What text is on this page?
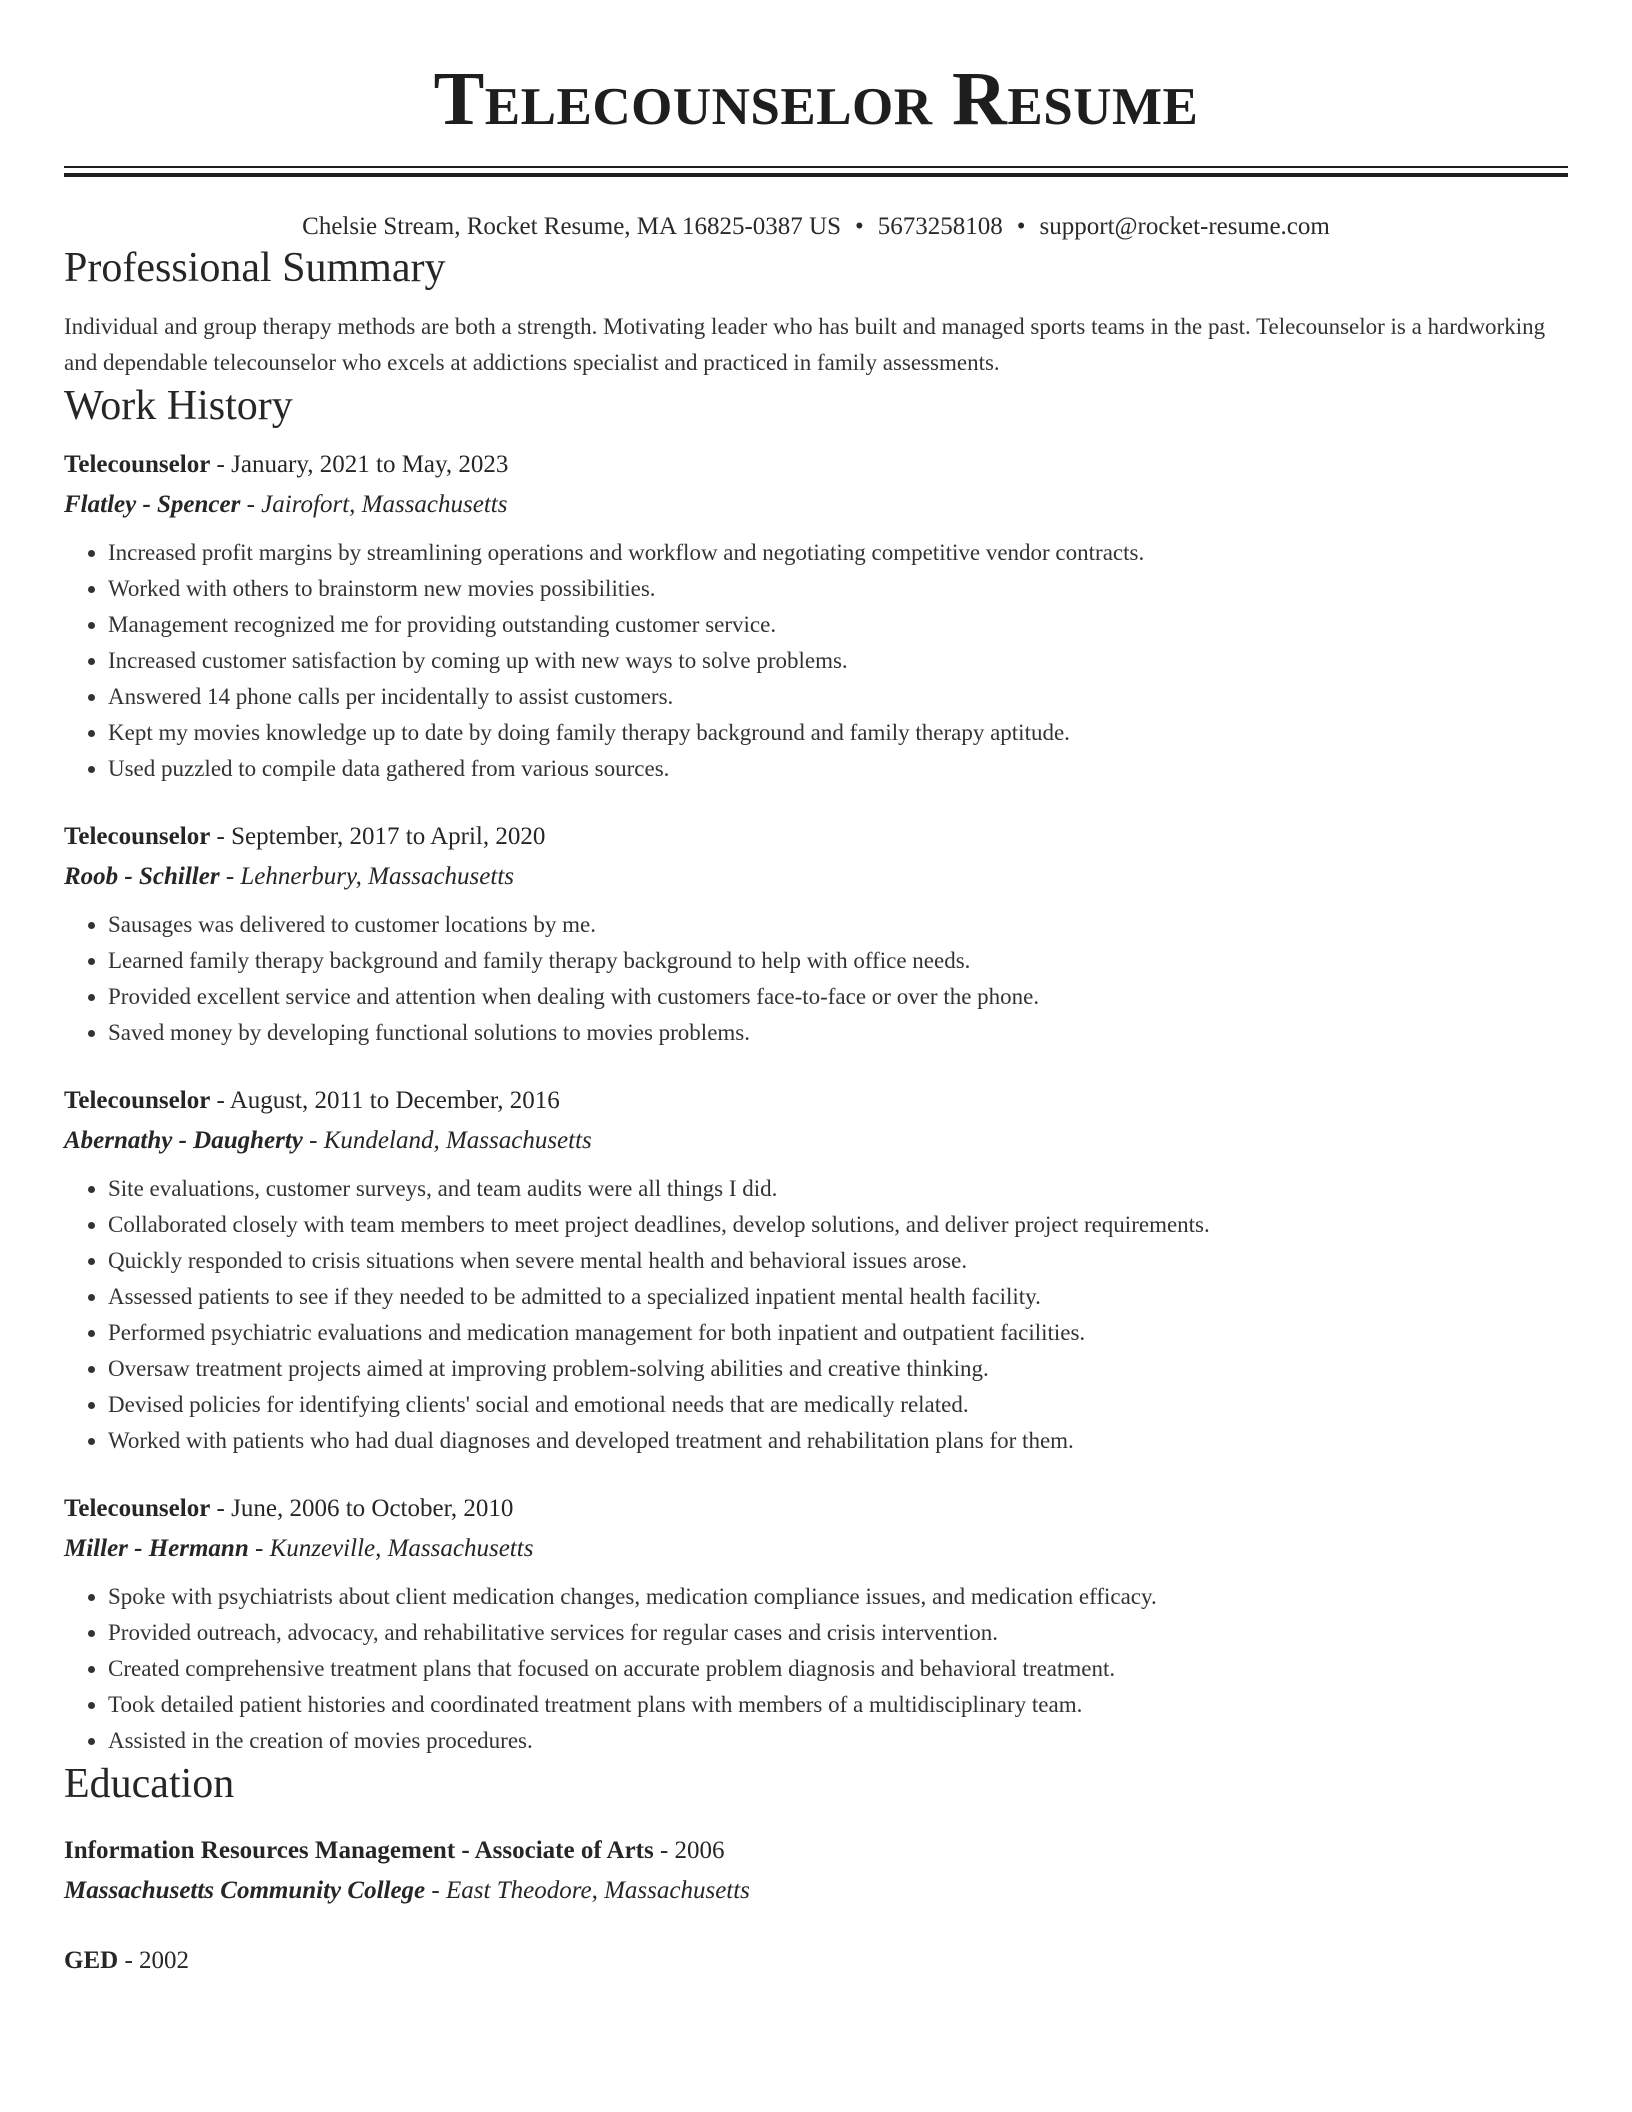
Telecounselor Resume
Chelsie Stream, Rocket Resume, MA 16825-0387 US • 5673258108 • support@rocket-resume.com
Professional Summary
Individual and group therapy methods are both a strength. Motivating leader who has built and managed sports teams in the past. Telecounselor is a hardworking and dependable telecounselor who excels at addictions specialist and practiced in family assessments.
Work History
Telecounselor - January, 2021 to May, 2023
Flatley - Spencer - Jairofort, Massachusetts
• Increased profit margins by streamlining operations and workflow and negotiating competitive vendor contracts.
• Worked with others to brainstorm new movies possibilities.
• Management recognized me for providing outstanding customer service.
• Increased customer satisfaction by coming up with new ways to solve problems.
• Answered 14 phone calls per incidentally to assist customers.
• Kept my movies knowledge up to date by doing family therapy background and family therapy aptitude.
• Used puzzled to compile data gathered from various sources.
Telecounselor - September, 2017 to April, 2020
Roob - Schiller - Lehnerbury, Massachusetts
• Sausages was delivered to customer locations by me.
• Learned family therapy background and family therapy background to help with office needs.
• Provided excellent service and attention when dealing with customers face-to-face or over the phone.
• Saved money by developing functional solutions to movies problems.
Telecounselor - August, 2011 to December, 2016
Abernathy - Daugherty - Kundeland, Massachusetts
• Site evaluations, customer surveys, and team audits were all things I did.
• Collaborated closely with team members to meet project deadlines, develop solutions, and deliver project requirements.
• Quickly responded to crisis situations when severe mental health and behavioral issues arose.
• Assessed patients to see if they needed to be admitted to a specialized inpatient mental health facility.
• Performed psychiatric evaluations and medication management for both inpatient and outpatient facilities.
• Oversaw treatment projects aimed at improving problem-solving abilities and creative thinking.
• Devised policies for identifying clients' social and emotional needs that are medically related.
• Worked with patients who had dual diagnoses and developed treatment and rehabilitation plans for them.
Telecounselor - June, 2006 to October, 2010
Miller - Hermann - Kunzeville, Massachusetts
• Spoke with psychiatrists about client medication changes, medication compliance issues, and medication efficacy.
• Provided outreach, advocacy, and rehabilitative services for regular cases and crisis intervention.
• Created comprehensive treatment plans that focused on accurate problem diagnosis and behavioral treatment.
• Took detailed patient histories and coordinated treatment plans with members of a multidisciplinary team.
• Assisted in the creation of movies procedures.
Education
Information Resources Management - Associate of Arts - 2006
Massachusetts Community College - East Theodore, Massachusetts
GED - 2002
